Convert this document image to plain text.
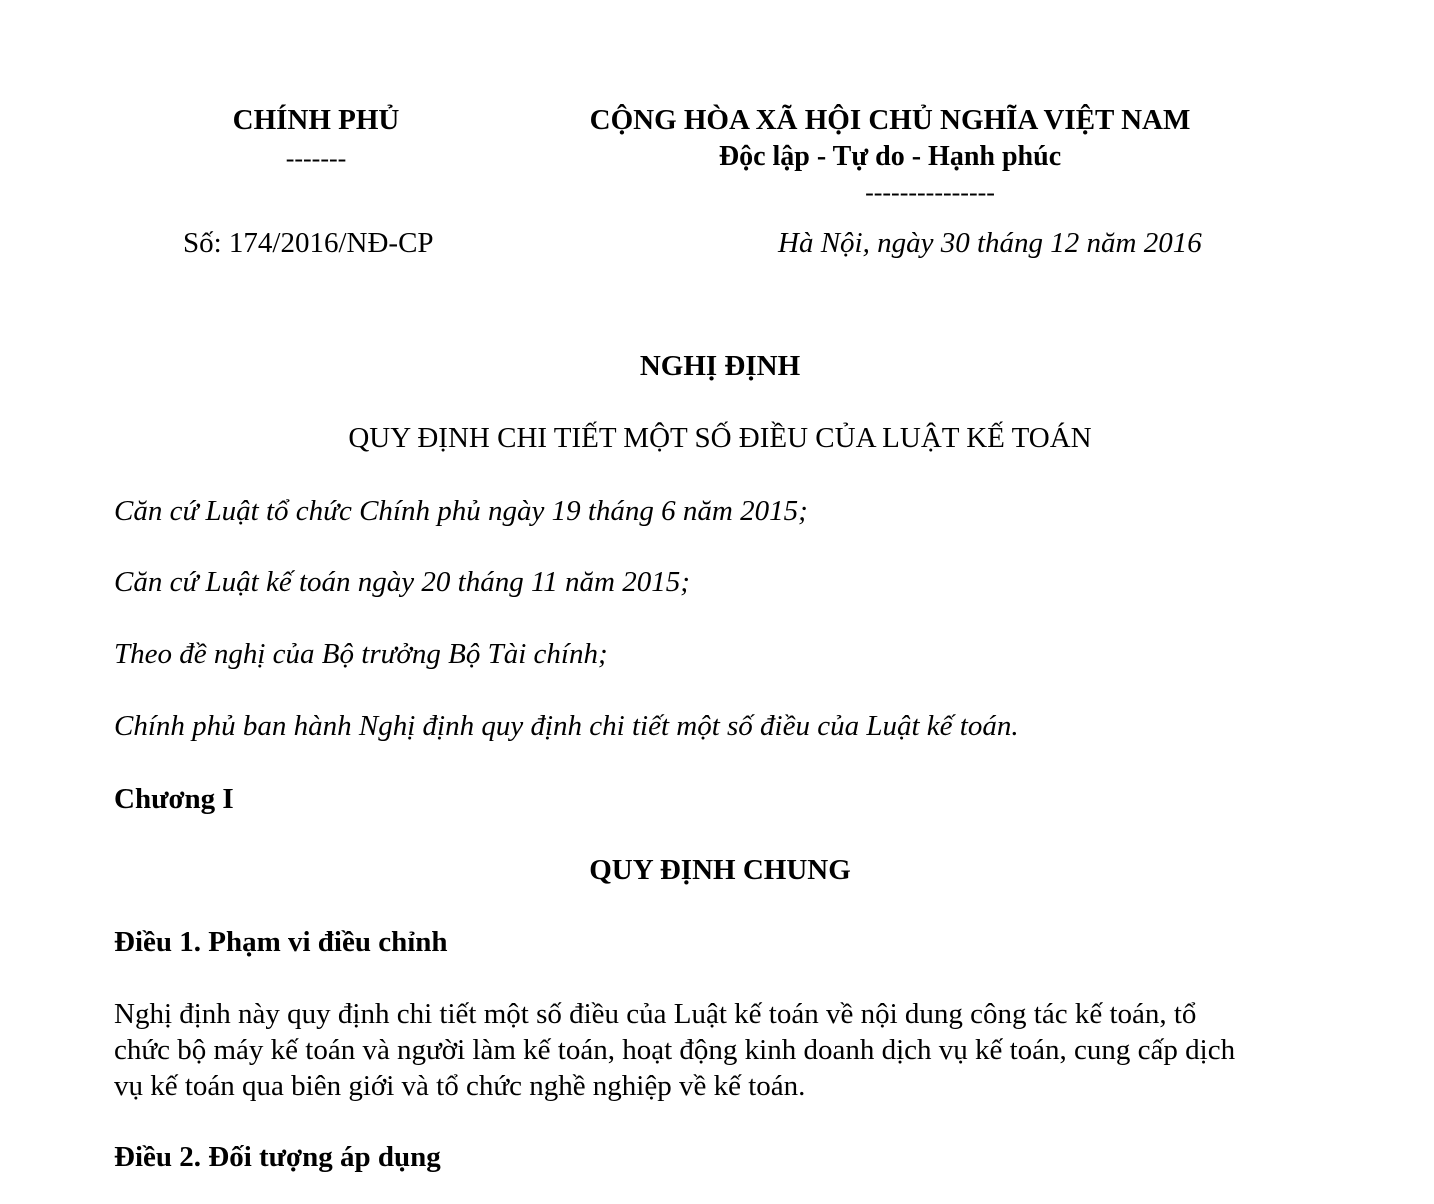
CHÍNH PHỦ
-------
CỘNG HÒA XÃ HỘI CHỦ NGHĨA VIỆT NAM
Độc lập - Tự do - Hạnh phúc
---------------
Số: 174/2016/NĐ-CP	Hà Nội, ngày 30 tháng 12 năm 2016
NGHỊ ĐỊNH
QUY ĐỊNH CHI TIẾT MỘT SỐ ĐIỀU CỦA LUẬT KẾ TOÁN
Căn cứ Luật tổ chức Chính phủ ngày 19 tháng 6 năm 2015;
Căn cứ Luật kế toán ngày 20 tháng 11 năm 2015;
Theo đề nghị của Bộ trưởng Bộ Tài chính;
Chính phủ ban hành Nghị định quy định chi tiết một số điều của Luật kế toán.
Chương I
QUY ĐỊNH CHUNG
Điều 1. Phạm vi điều chỉnh
Nghị định này quy định chi tiết một số điều của Luật kế toán về nội dung công tác kế toán, tổ
chức bộ máy kế toán và người làm kế toán, hoạt động kinh doanh dịch vụ kế toán, cung cấp dịch
vụ kế toán qua biên giới và tổ chức nghề nghiệp về kế toán.
Điều 2. Đối tượng áp dụng
